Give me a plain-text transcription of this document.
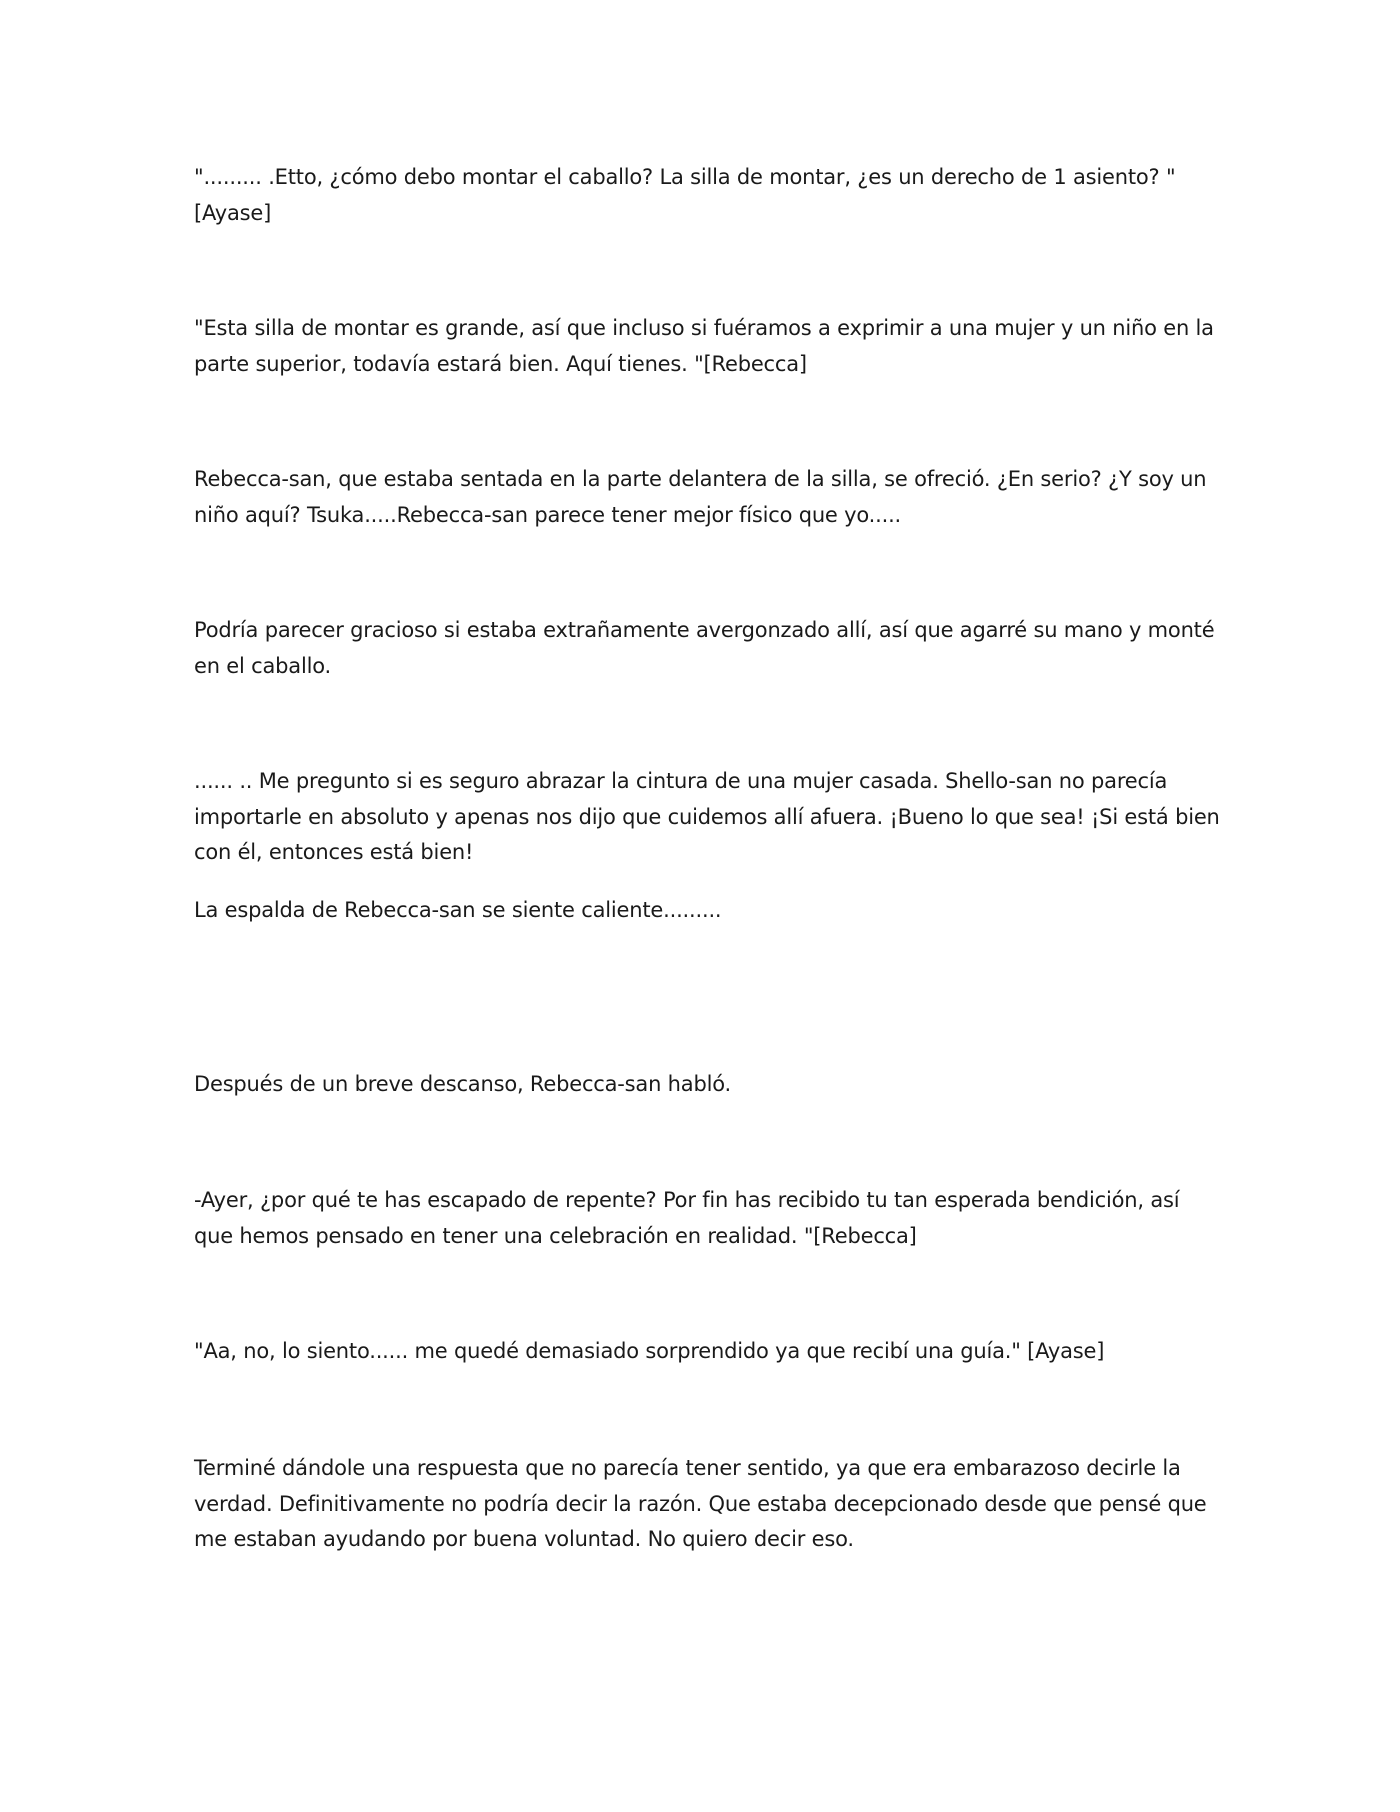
"......... .Etto, ¿cómo debo montar el caballo? La silla de montar, ¿es un derecho de 1 asiento? "[Ayase]

"Esta silla de montar es grande, así que incluso si fuéramos a exprimir a una mujer y un niño en la parte superior, todavía estará bien. Aquí tienes. "[Rebecca]

Rebecca-san, que estaba sentada en la parte delantera de la silla, se ofreció. ¿En serio? ¿Y soy un niño aquí? Tsuka.....Rebecca-san parece tener mejor físico que yo.....

Podría parecer gracioso si estaba extrañamente avergonzado allí, así que agarré su mano y monté en el caballo.

...... .. Me pregunto si es seguro abrazar la cintura de una mujer casada. Shello-san no parecía importarle en absoluto y apenas nos dijo que cuidemos allí afuera. ¡Bueno lo que sea! ¡Si está bien con él, entonces está bien!

La espalda de Rebecca-san se siente caliente.........

Después de un breve descanso, Rebecca-san habló.

-Ayer, ¿por qué te has escapado de repente? Por fin has recibido tu tan esperada bendición, así que hemos pensado en tener una celebración en realidad. "[Rebecca]

"Aa, no, lo siento...... me quedé demasiado sorprendido ya que recibí una guía." [Ayase]

Terminé dándole una respuesta que no parecía tener sentido, ya que era embarazoso decirle la verdad. Definitivamente no podría decir la razón. Que estaba decepcionado desde que pensé que me estaban ayudando por buena voluntad. No quiero decir eso.
